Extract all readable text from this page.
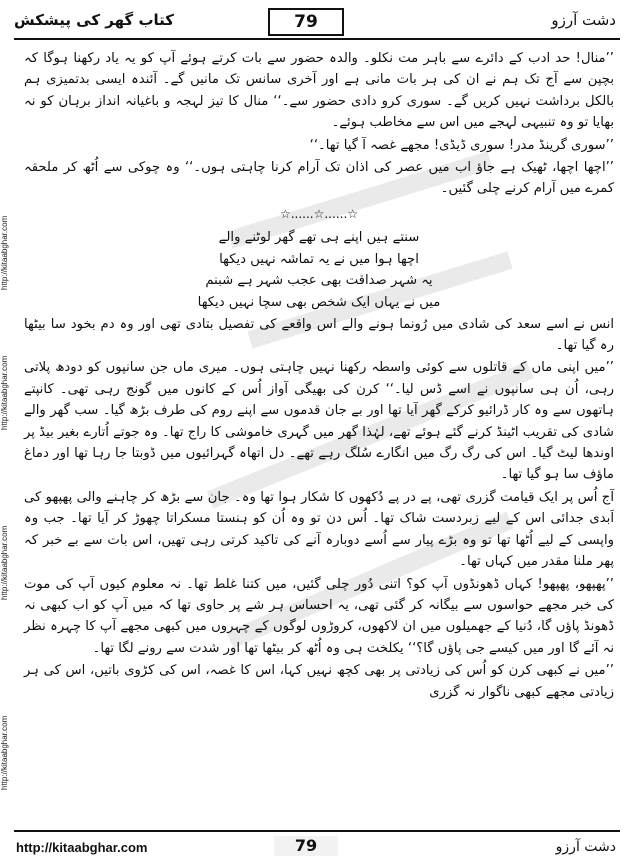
کتاب گھر کی پیشکش	79	دشت آرزو
http://kitaabghar.com
http://kitaabghar.com
http://kitaabghar.com
http://kitaabghar.com

’’منال! حد ادب کے دائرے سے باہر مت نکلو۔ والدہ حضور سے بات کرتے ہوئے آپ کو یہ یاد رکھنا ہوگا کہ بچپن سے آج تک ہم نے ان کی ہر بات مانی ہے اور آخری سانس تک مانیں گے۔ آئندہ ایسی بدتمیزی ہم بالکل برداشت نہیں کریں گے۔ سوری کرو دادی حضور سے۔‘‘ منال کا تیز لہجہ و باغیانہ انداز برہان کو نہ بھایا تو وہ تنبیہی لہجے میں اس سے مخاطب ہوئے۔

’’سوری گرینڈ مدر! سوری ڈیڈی! مجھے غصہ آ گیا تھا۔‘‘

’’اچھا اچھا، ٹھیک ہے جاؤ اب میں عصر کی اذان تک آرام کرنا چاہتی ہوں۔‘‘ وہ چوکی سے اُٹھ کر ملحقہ کمرے میں آرام کرنے چلی گئیں۔

☆......☆......☆
سنتے ہیں اپنے ہی تھے گھر لوٹنے والے
اچھا ہوا میں نے یہ تماشہ نہیں دیکھا
یہ شہر صداقت بھی عجب شہر ہے شبنم
میں نے یہاں ایک شخص بھی سچا نہیں دیکھا

انس نے اسے سعد کی شادی میں رُونما ہونے والے اس واقعے کی تفصیل بتادی تھی اور وہ دم بخود سا بیٹھا رہ گیا تھا۔

’’میں اپنی ماں کے قاتلوں سے کوئی واسطہ رکھنا نہیں چاہتی ہوں۔ میری ماں جن سانپوں کو دودھ پلاتی رہی، اُن ہی سانپوں نے اسے ڈس لیا۔‘‘ کرن کی بھیگی آواز اُس کے کانوں میں گونج رہی تھی۔ کانپتے ہاتھوں سے وہ کار ڈرائیو کرکے گھر آیا تھا اور بے جان قدموں سے اپنے روم کی طرف بڑھ گیا۔ سب گھر والے شادی کی تقریب اٹینڈ کرنے گئے ہوئے تھے، لہٰذا گھر میں گہری خاموشی کا راج تھا۔ وہ جوتے اُتارے بغیر بیڈ پر اوندھا لیٹ گیا۔ اس کی رگ رگ میں انگارے سُلگ رہے تھے۔ دل اتھاہ گہرائیوں میں ڈوبتا جا رہا تھا اور دماغ ماؤف سا ہو گیا تھا۔

آج اُس پر ایک قیامت گزری تھی، پے در پے دُکھوں کا شکار ہوا تھا وہ۔ جان سے بڑھ کر چاہنے والی پھپھو کی اَبدی جدائی اس کے لیے زبردست شاک تھا۔ اُس دن تو وہ اُن کو ہنستا مسکراتا چھوڑ کر آیا تھا۔ جب وہ واپسی کے لیے اُٹھا تھا تو وہ بڑے پیار سے اُسے دوبارہ آنے کی تاکید کرتی رہی تھیں، اس بات سے بے خبر کہ پھر ملنا مقدر میں کہاں تھا۔

’’پھپھو، پھپھو! کہاں ڈھونڈوں آپ کو؟ اتنی دُور چلی گئیں، میں کتنا غلط تھا۔ نہ معلوم کیوں آپ کی موت کی خبر مجھے حواسوں سے بیگانہ کر گئی تھی، یہ احساس ہر شے پر حاوی تھا کہ میں آپ کو اب کبھی نہ ڈھونڈ پاؤں گا، دُنیا کے جھمیلوں میں ان لاکھوں، کروڑوں لوگوں کے چہروں میں کبھی مجھے آپ کا چہرہ نظر نہ آئے گا اور میں کیسے جی پاؤں گا؟‘‘ یکلخت ہی وہ اُٹھ کر بیٹھا تھا اور شدت سے رونے لگا تھا۔

’’میں نے کبھی کرن کو اُس کی زیادتی پر بھی کچھ نہیں کہا، اس کا غصہ، اس کی کڑوی باتیں، اس کی ہر زیادتی مجھے کبھی ناگوار نہ گزری

http://kitaabghar.com	79	دشت آرزو
